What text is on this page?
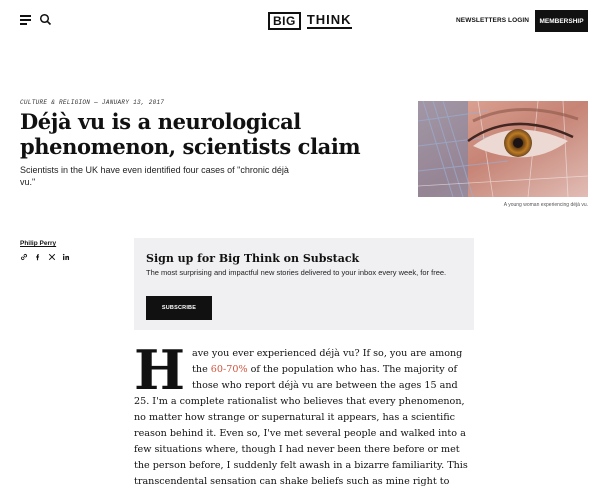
BIG THINK	NEWSLETTERS LOGIN	MEMBERSHIP
CULTURE & RELIGION — JANUARY 13, 2017
Déjà vu is a neurological phenomenon, scientists claim
Scientists in the UK have even identified four cases of "chronic déjà vu."
A young woman experiencing déjà vu.
Philip Perry
Sign up for Big Think on Substack
The most surprising and impactful new stories delivered to your inbox every week, for free.
SUBSCRIBE
H ave you ever experienced déjà vu? If so, you are among the 60-70% of the population who has. The majority of those who report déjà vu are between the ages 15 and 25. I'm a complete rationalist who believes that every phenomenon, no matter how strange or supernatural it appears, has a scientific reason behind it. Even so, I've met several people and walked into a few situations where, though I had never been there before or met the person before, I suddenly felt awash in a bizarre familiarity. This transcendental sensation can shake beliefs such as mine right to
